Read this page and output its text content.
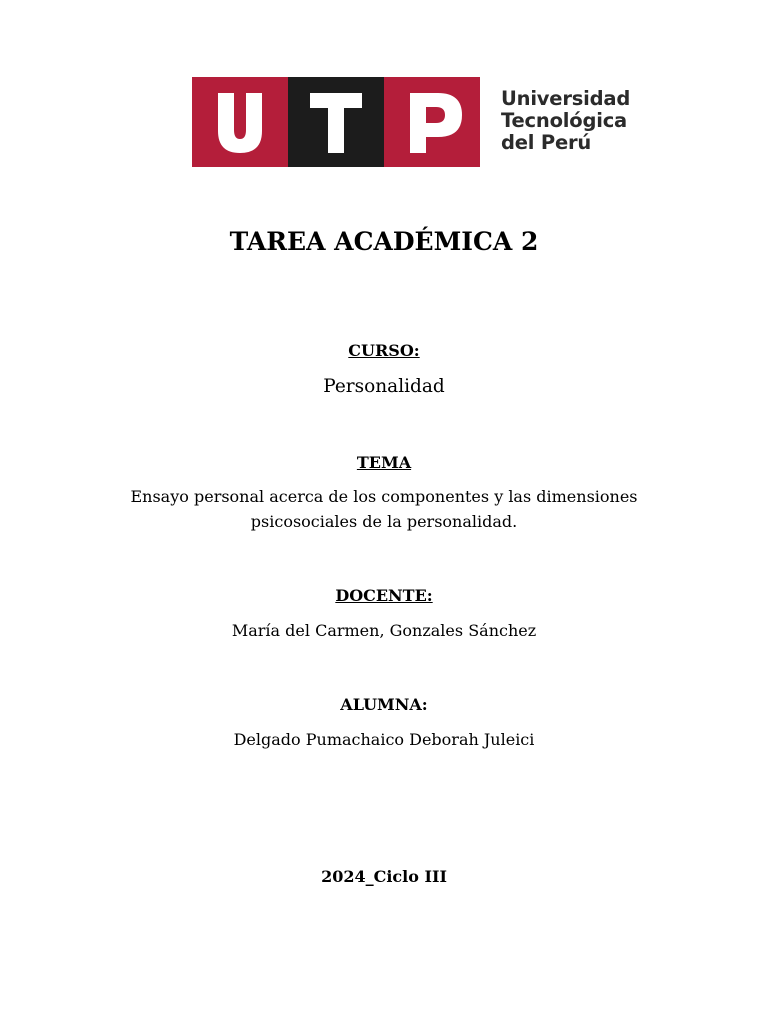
Universidad
Tecnológica
del Perú
TAREA ACADÉMICA 2
CURSO:
Personalidad
TEMA
Ensayo personal acerca de los componentes y las dimensiones
psicosociales de la personalidad.
DOCENTE:
María del Carmen, Gonzales Sánchez
ALUMNA:
Delgado Pumachaico Deborah Juleici
2024_Ciclo III
